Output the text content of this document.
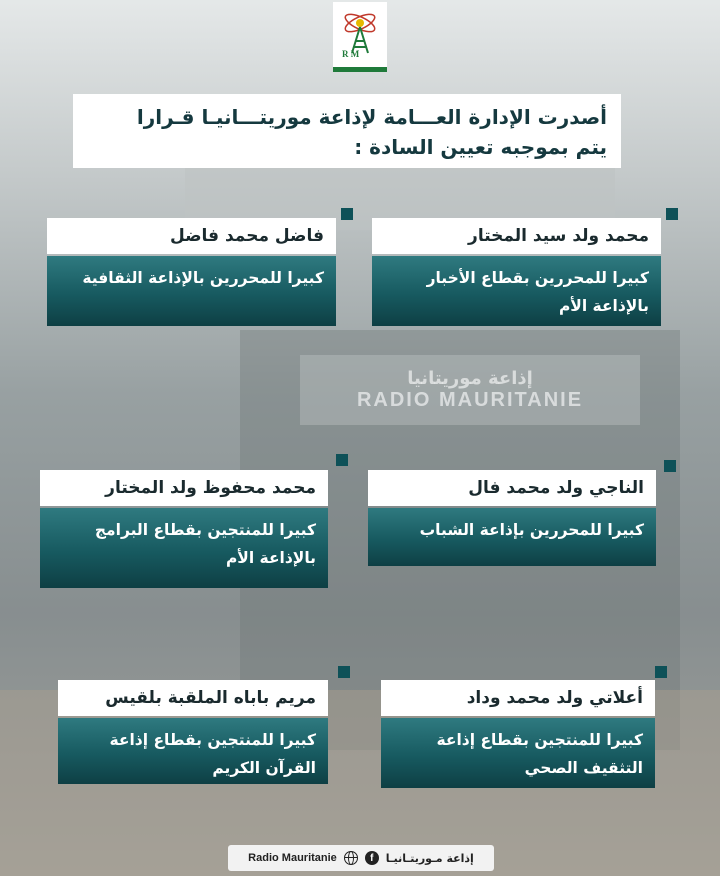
إذاعة موريتانيا
RADIO MAURITANIE
R M
أصدرت الإدارة العـــامة لإذاعة موريتـــانيـا قـرارا
يتم بموجبه تعيين السادة :
محمد ولد سيد المختار
كبيرا للمحررين بقطاع الأخبار بالإذاعة الأم
فاضل محمد فاضل
كبيرا للمحررين بالإذاعة الثقافية
الناجي ولد محمد فال
كبيرا للمحررين بإذاعة الشباب
محمد محفوظ ولد المختار
كبيرا للمنتجين بقطاع البرامج بالإذاعة الأم
أعلاتي ولد محمد وداد
كبيرا للمنتجين بقطاع إذاعة التثقيف الصحي
مريم باباه الملقبة بلقيس
كبيرا للمنتجين بقطاع إذاعة القرآن الكريم
Radio Mauritanie	f	إذاعة مـوريتـانيـا
